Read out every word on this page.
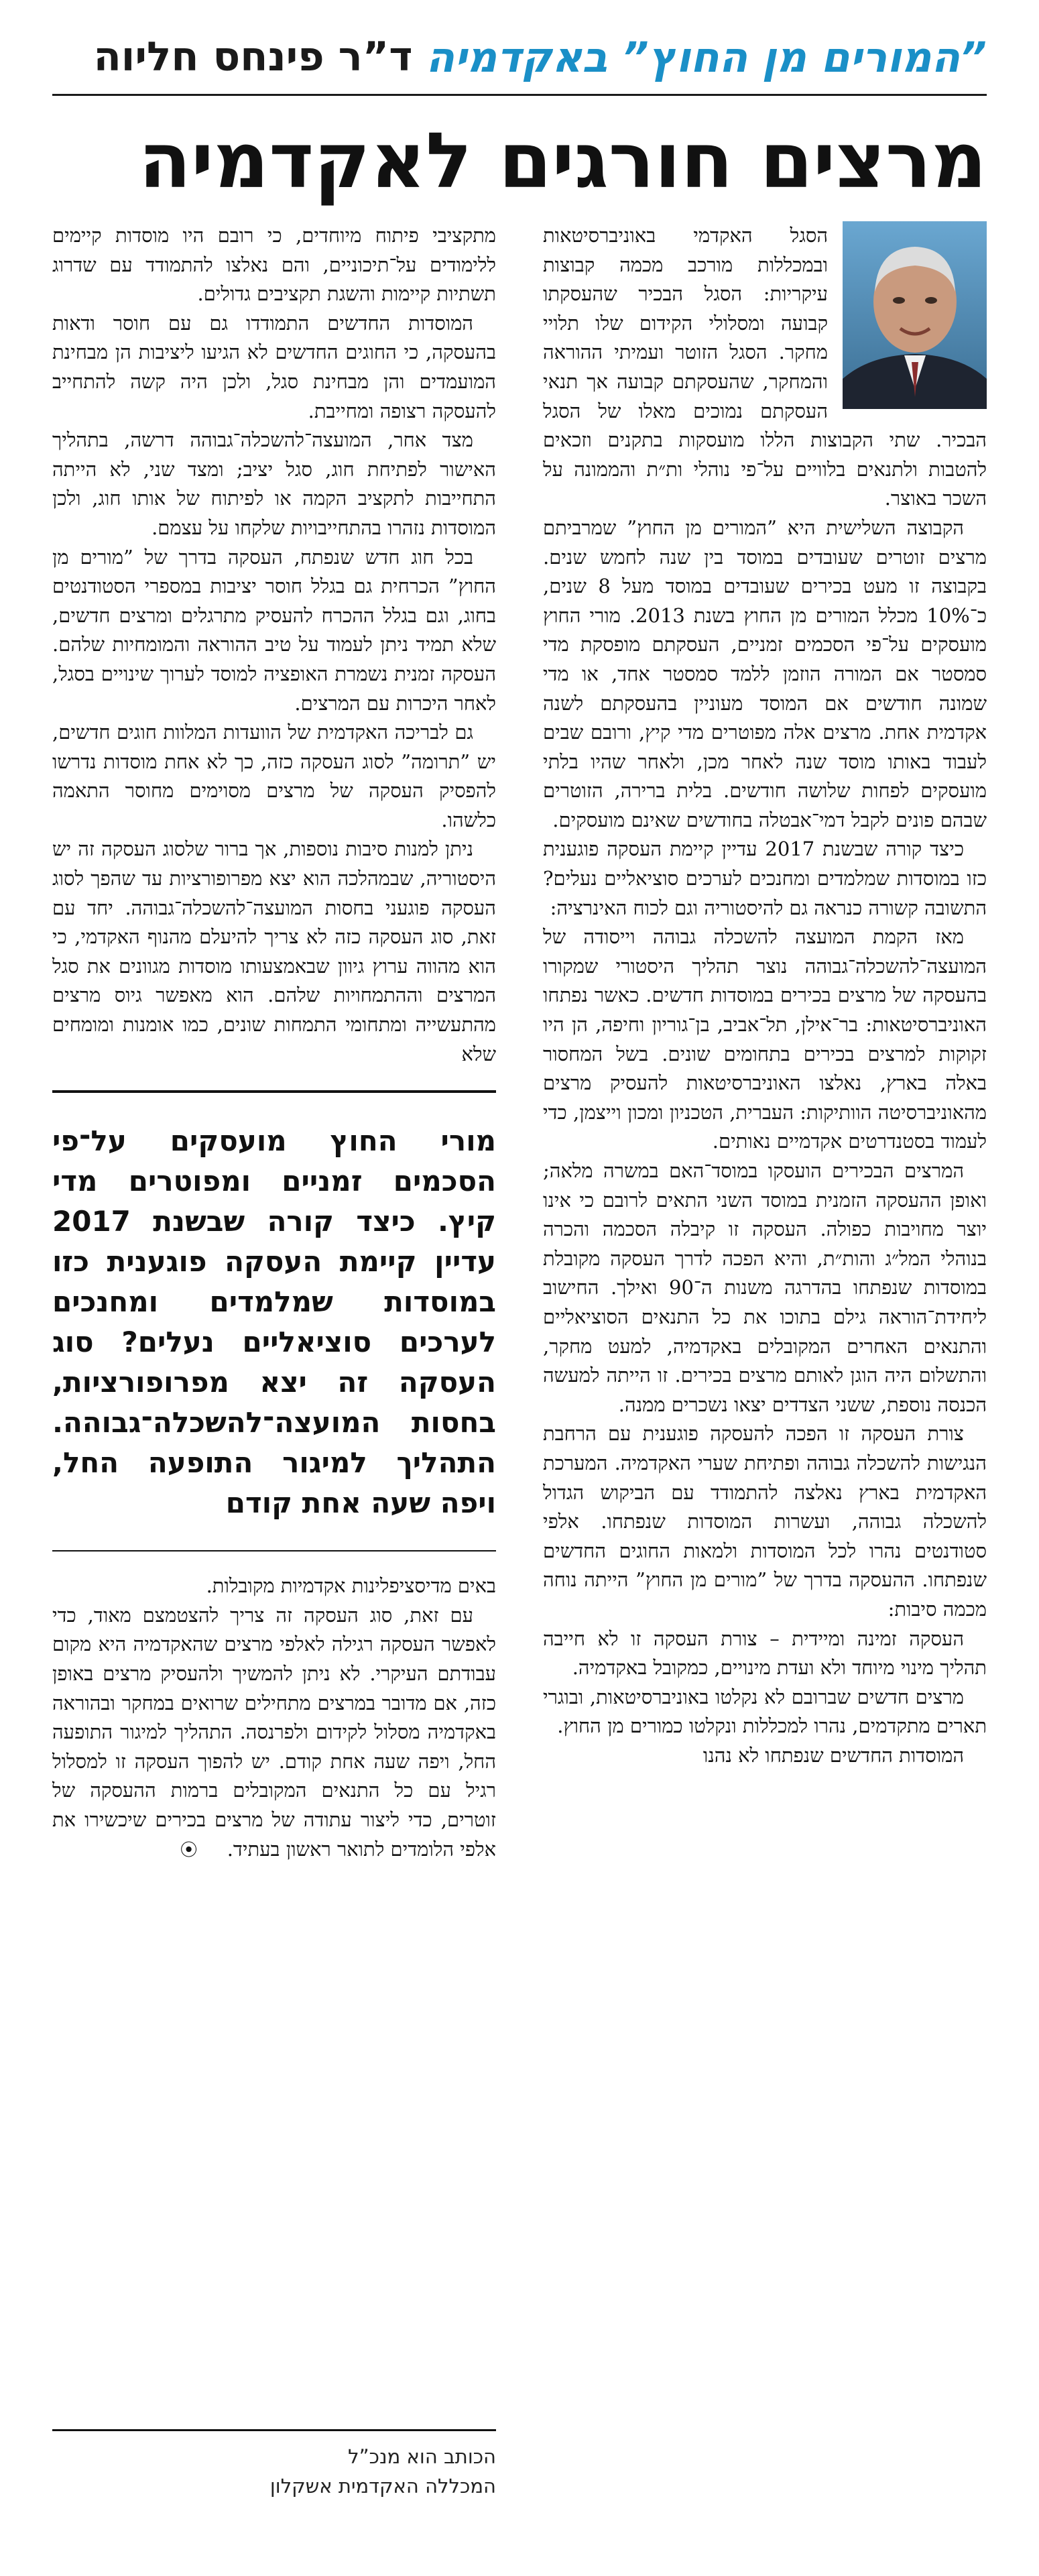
”המורים מן החוץ” באקדמיה
ד”ר פינחס חליוה
מרצים חורגים לאקדמיה

הסגל האקדמי באוניברסיטאות ובמכללות מורכב מכמה קבוצות עיקריות: הסגל הבכיר שהעסקתו קבועה ומסלולי הקידום שלו תלויי מחקר. הסגל הזוטר ועמיתי ההוראה והמחקר, שהעסקתם קבועה אך תנאי העסקתם נמוכים מאלו של הסגל הבכיר. שתי הקבוצות הללו מועסקות בתקנים וזכאים להטבות ולתנאים בלוויים על־פי נוהלי ות״ת והממונה על השכר באוצר.

הקבוצה השלישית היא ”המורים מן החוץ” שמרביתם מרצים זוטרים שעובדים במוסד בין שנה לחמש שנים. בקבוצה זו מעט בכירים שעובדים במוסד מעל 8 שנים, כ־10% מכלל המורים מן החוץ בשנת 2013. מורי החוץ מועסקים על־פי הסכמים זמניים, העסקתם מופסקת מדי סמסטר אם המורה הוזמן ללמד סמסטר אחד, או מדי שמונה חודשים אם המוסד מעוניין בהעסקתם לשנה אקדמית אחת. מרצים אלה מפוטרים מדי קיץ, ורובם שבים לעבוד באותו מוסד שנה לאחר מכן, ולאחר שהיו בלתי מועסקים לפחות שלושה חודשים. בלית ברירה, הזוטרים שבהם פונים לקבל דמי־אבטלה בחודשים שאינם מועסקים.

כיצד קורה שבשנת 2017 עדיין קיימת העסקה פוגענית כזו במוסדות שמלמדים ומחנכים לערכים סוציאליים נעלים? התשובה קשורה כנראה גם להיסטוריה וגם לכוח האינרציה:

מאז הקמת המועצה להשכלה גבוהה וייסודה של המועצה־להשכלה־גבוהה נוצר תהליך היסטורי שמקורו בהעסקה של מרצים בכירים במוסדות חדשים. כאשר נפתחו האוניברסיטאות: בר־אילן, תל־אביב, בן־גוריון וחיפה, הן היו זקוקות למרצים בכירים בתחומים שונים. בשל המחסור באלה בארץ, נאלצו האוניברסיטאות להעסיק מרצים מהאוניברסיטה הוותיקות: העברית, הטכניון ומכון וייצמן, כדי לעמוד בסטנדרטים אקדמיים נאותים.

המרצים הבכירים הועסקו במוסד־האם במשרה מלאה; ואופן ההעסקה הזמנית במוסד השני התאים לרובם כי אינו יוצר מחויבות כפולה. העסקה זו קיבלה הסכמה והכרה בנוהלי המל״ג והות״ת, והיא הפכה לדרך העסקה מקובלת במוסדות שנפתחו בהדרגה משנות ה־90 ואילך. החישוב ליחידת־הוראה גילם בתוכו את כל התנאים הסוציאליים והתנאים האחרים המקובלים באקדמיה, למעט מחקר, והתשלום היה הוגן לאותם מרצים בכירים. זו הייתה למעשה הכנסה נוספת, ששני הצדדים יצאו נשכרים ממנה.

צורת העסקה זו הפכה להעסקה פוגענית עם הרחבת הנגישות להשכלה גבוהה ופתיחת שערי האקדמיה. המערכת האקדמית בארץ נאלצה להתמודד עם הביקוש הגדול להשכלה גבוהה, ועשרות המוסדות שנפתחו. אלפי סטודנטים נהרו לכל המוסדות ולמאות החוגים החדשים שנפתחו. ההעסקה בדרך של ”מורים מן החוץ” הייתה נוחה מכמה סיבות:

העסקה זמינה ומיידית – צורת העסקה זו לא חייבה תהליך מינוי מיוחד ולא ועדת מינויים, כמקובל באקדמיה.

מרצים חדשים שברובם לא נקלטו באוניברסיטאות, ובוגרי תארים מתקדמים, נהרו למכללות ונקלטו כמורים מן החוץ.

המוסדות החדשים שנפתחו לא נהנו

מתקציבי פיתוח מיוחדים, כי רובם היו מוסדות קיימים ללימודים על־תיכוניים, והם נאלצו להתמודד עם שדרוג תשתיות קיימות והשגת תקציבים גדולים.

המוסדות החדשים התמודדו גם עם חוסר ודאות בהעסקה, כי החוגים החדשים לא הגיעו ליציבות הן מבחינת המועמדים והן מבחינת סגל, ולכן היה קשה להתחייב להעסקה רצופה ומחייבת.

מצד אחר, המועצה־להשכלה־גבוהה דרשה, בתהליך האישור לפתיחת חוג, סגל יציב; ומצד שני, לא הייתה התחייבות לתקציב הקמה או לפיתוח של אותו חוג, ולכן המוסדות נזהרו בהתחייבויות שלקחו על עצמם.

בכל חוג חדש שנפתח, העסקה בדרך של ”מורים מן החוץ” הכרחית גם בגלל חוסר יציבות במספרי הסטודנטים בחוג, וגם בגלל ההכרח להעסיק מתרגלים ומרצים חדשים, שלא תמיד ניתן לעמוד על טיב ההוראה והמומחיות שלהם. העסקה זמנית נשמרת האופציה למוסד לערוך שינויים בסגל, לאחר היכרות עם המרצים.

גם לבריכה האקדמית של הוועדות המלוות חוגים חדשים, יש ”תרומה” לסוג העסקה כזה, כך לא אחת מוסדות נדרשו להפסיק העסקה של מרצים מסוימים מחוסר התאמה כלשהו.

ניתן למנות סיבות נוספות, אך ברור שלסוג העסקה זה יש היסטוריה, שבמהלכה הוא יצא מפרופורציות עד שהפך לסוג העסקה פוגעני בחסות המועצה־להשכלה־גבוהה. יחד עם זאת, סוג העסקה כזה לא צריך להיעלם מהנוף האקדמי, כי הוא מהווה ערוץ גיוון שבאמצעותו מוסדות מגוונים את סגל המרצים וההתמחויות שלהם. הוא מאפשר גיוס מרצים מהתעשייה ומתחומי התמחות שונים, כמו אומנות ומומחים שלא

מורי החוץ מועסקים על־פי הסכמים זמניים ומפוטרים מדי קיץ. כיצד קורה שבשנת 2017 עדיין קיימת העסקה פוגענית כזו במוסדות שמלמדים ומחנכים לערכים סוציאליים נעלים? סוג העסקה זה יצא מפרופורציות, בחסות המועצה־להשכלה־גבוהה. התהליך למיגור התופעה החל, ויפה שעה אחת קודם

באים מדיסציפלינות אקדמיות מקובלות.

עם זאת, סוג העסקה זה צריך להצטמצם מאוד, כדי לאפשר העסקה רגילה לאלפי מרצים שהאקדמיה היא מקום עבודתם העיקרי. לא ניתן להמשיך ולהעסיק מרצים באופן כזה, אם מדובר במרצים מתחילים שרואים במחקר ובהוראה באקדמיה מסלול לקידום ולפרנסה. התהליך למיגור התופעה החל, ויפה שעה אחת קודם. יש להפוך העסקה זו למסלול רגיל עם כל התנאים המקובלים ברמות ההעסקה של זוטרים, כדי ליצור עתודה של מרצים בכירים שיכשירו את אלפי הלומדים לתואר ראשון בעתיד.⦿

הכותב הוא מנכ”ל
המכללה האקדמית אשקלון
